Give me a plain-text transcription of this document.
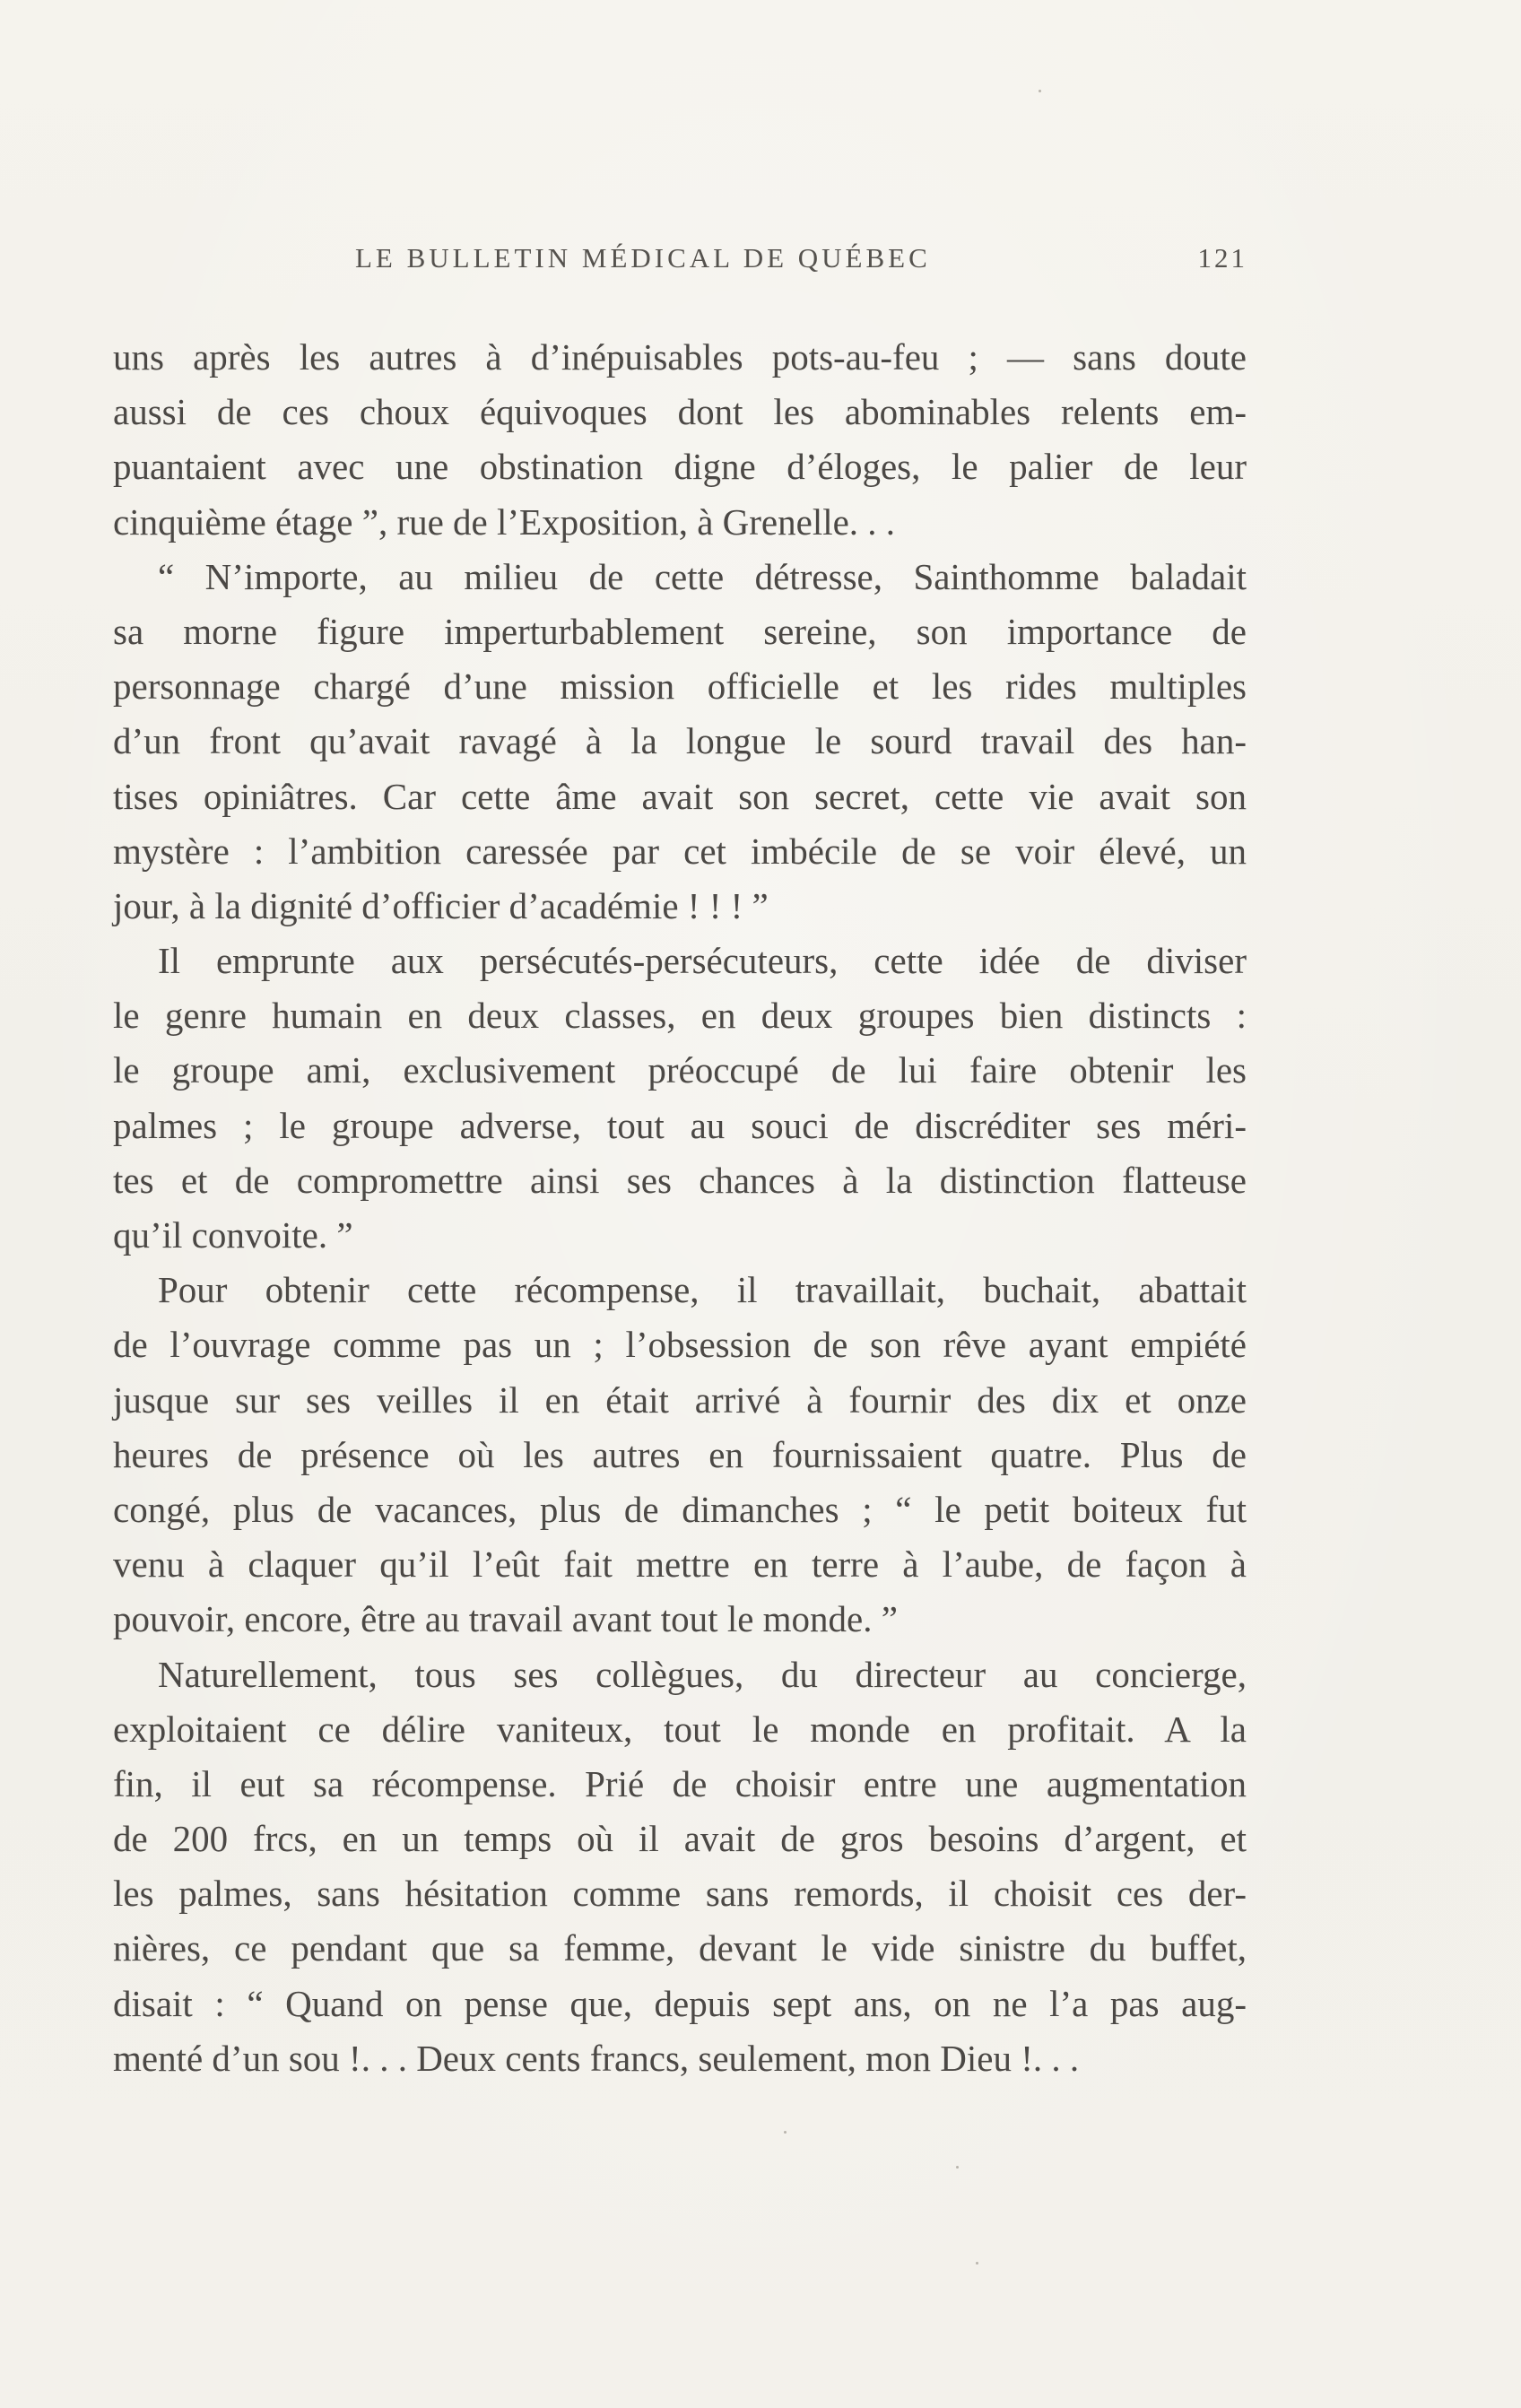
LE BULLETIN MÉDICAL DE QUÉBEC	121
uns après les autres à d’inépuisables pots-au-feu ; — sans doute
aussi de ces choux équivoques dont les abominables relents em-
puantaient avec une obstination digne d’éloges, le palier de leur
cinquième étage ”, rue de l’Exposition, à Grenelle. . .
“ N’importe, au milieu de cette détresse, Sainthomme baladait
sa morne figure imperturbablement sereine, son importance de
personnage chargé d’une mission officielle et les rides multiples
d’un front qu’avait ravagé à la longue le sourd travail des han-
tises opiniâtres. Car cette âme avait son secret, cette vie avait son
mystère : l’ambition caressée par cet imbécile de se voir élevé, un
jour, à la dignité d’officier d’académie ! ! ! ”
Il emprunte aux persécutés-persécuteurs, cette idée de diviser
le genre humain en deux classes, en deux groupes bien distincts :
le groupe ami, exclusivement préoccupé de lui faire obtenir les
palmes ; le groupe adverse, tout au souci de discréditer ses méri-
tes et de compromettre ainsi ses chances à la distinction flatteuse
qu’il convoite. ”
Pour obtenir cette récompense, il travaillait, buchait, abattait
de l’ouvrage comme pas un ; l’obsession de son rêve ayant empiété
jusque sur ses veilles il en était arrivé à fournir des dix et onze
heures de présence où les autres en fournissaient quatre. Plus de
congé, plus de vacances, plus de dimanches ; “ le petit boiteux fut
venu à claquer qu’il l’eût fait mettre en terre à l’aube, de façon à
pouvoir, encore, être au travail avant tout le monde. ”
Naturellement, tous ses collègues, du directeur au concierge,
exploitaient ce délire vaniteux, tout le monde en profitait. A la
fin, il eut sa récompense. Prié de choisir entre une augmentation
de 200 frcs, en un temps où il avait de gros besoins d’argent, et
les palmes, sans hésitation comme sans remords, il choisit ces der-
nières, ce pendant que sa femme, devant le vide sinistre du buffet,
disait : “ Quand on pense que, depuis sept ans, on ne l’a pas aug-
menté d’un sou !. . . Deux cents francs, seulement, mon Dieu !. . .
